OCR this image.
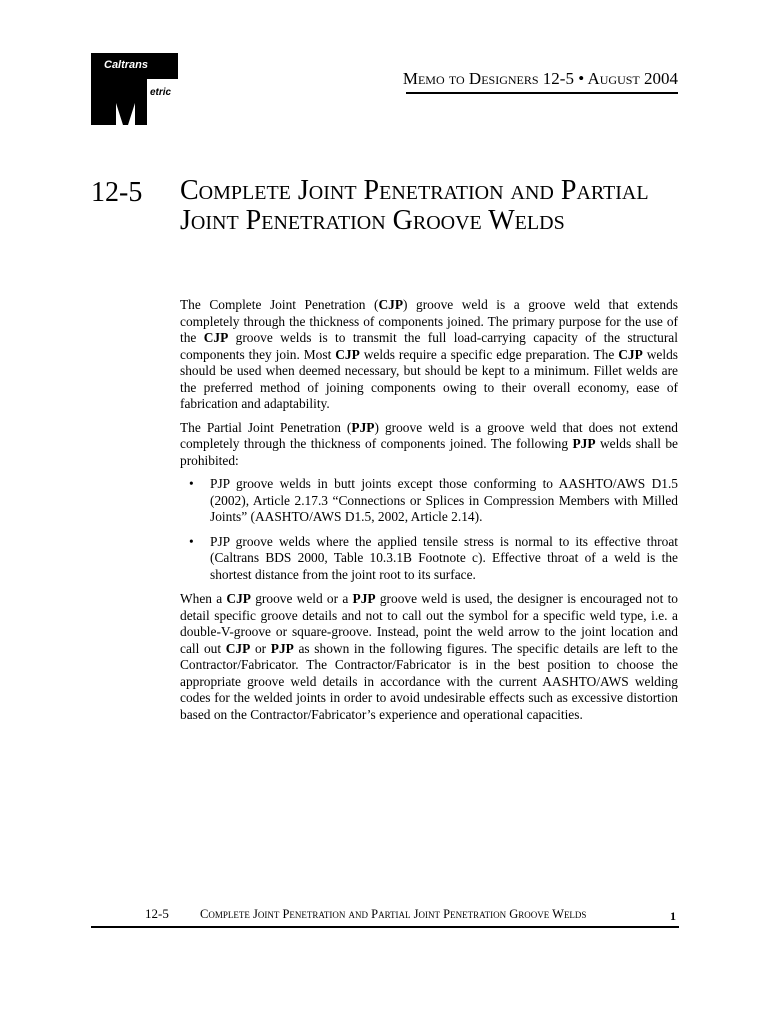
Caltrans
etric
Memo to Designers 12-5 • August 2004
12-5 Complete Joint Penetration and Partial
Joint Penetration Groove Welds

The Complete Joint Penetration (CJP) groove weld is a groove weld that extends completely through the thickness of components joined. The primary purpose for the use of the CJP groove welds is to transmit the full load-carrying capacity of the structural components they join. Most CJP welds require a specific edge preparation. The CJP welds should be used when deemed necessary, but should be kept to a minimum. Fillet welds are the preferred method of joining components owing to their overall economy, ease of fabrication and adaptability.

The Partial Joint Penetration (PJP) groove weld is a groove weld that does not extend completely through the thickness of components joined. The following PJP welds shall be prohibited:

• PJP groove welds in butt joints except those conforming to AASHTO/AWS D1.5 (2002), Article 2.17.3 “Connections or Splices in Compression Members with Milled Joints” (AASHTO/AWS D1.5, 2002, Article 2.14).
• PJP groove welds where the applied tensile stress is normal to its effective throat (Caltrans BDS 2000, Table 10.3.1B Footnote c). Effective throat of a weld is the shortest distance from the joint root to its surface.

When a CJP groove weld or a PJP groove weld is used, the designer is encouraged not to detail specific groove details and not to call out the symbol for a specific weld type, i.e. a double-V-groove or square-groove. Instead, point the weld arrow to the joint location and call out CJP or PJP as shown in the following figures. The specific details are left to the Contractor/Fabricator. The Contractor/Fabricator is in the best position to choose the appropriate groove weld details in accordance with the current AASHTO/AWS welding codes for the welded joints in order to avoid undesirable effects such as excessive distortion based on the Contractor/Fabricator’s experience and operational capacities.

12-5 Complete Joint Penetration and Partial Joint Penetration Groove Welds	1
